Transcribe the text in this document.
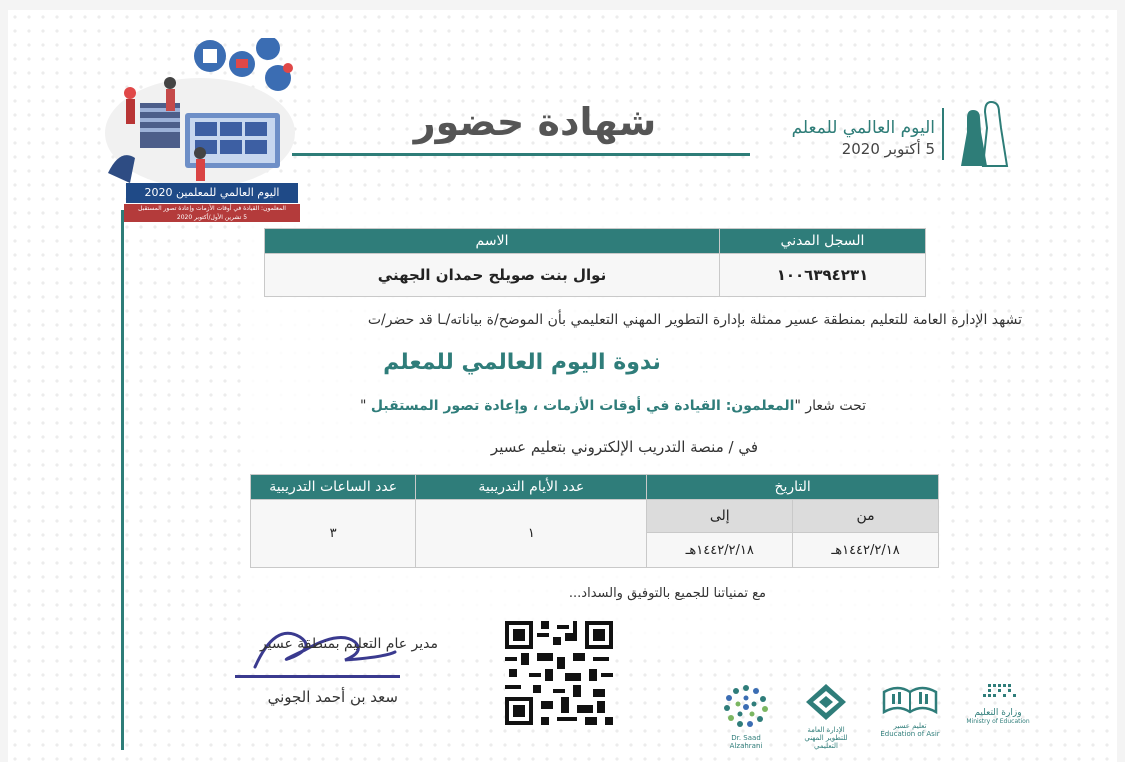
اليوم العالمي للمعلمين 2020
المعلمون: القيادة في أوقات الأزمات وإعادة تصور المستقبل
5 تشرين الأول/أكتوبر 2020
شهادة حضور	اليوم العالمي للمعلم
5 أكتوبر 2020
السجل المدني	الاسم
١٠٠٦٣٩٤٢٣١	نوال بنت صويلح حمدان الجهني
تشهد الإدارة العامة للتعليم بمنطقة عسير ممثلة بإدارة التطوير المهني التعليمي بأن الموضح/ة بياناته/ـا قد حضر/ت
ندوة اليوم العالمي للمعلم
تحت شعار "المعلمون: القيادة في أوقات الأزمات ، وإعادة تصور المستقبل "
في / منصة التدريب الإلكتروني بتعليم عسير
التاريخ		عدد الأيام التدريبية	عدد الساعات التدريبية
من	إلى	١	٣
١٤٤٢/٢/١٨هـ	١٤٤٢/٢/١٨هـ		
مع تمنياتنا للجميع بالتوفيق والسداد...
مدير عام التعليم بمنطقة عسير
سعد بن أحمد الجوني
Dr. Saad Alzahrani
الإدارة العامة للتطوير المهني التعليمي
تعليم عسير
Education of Asir
وزارة التعليم
Ministry of Education
